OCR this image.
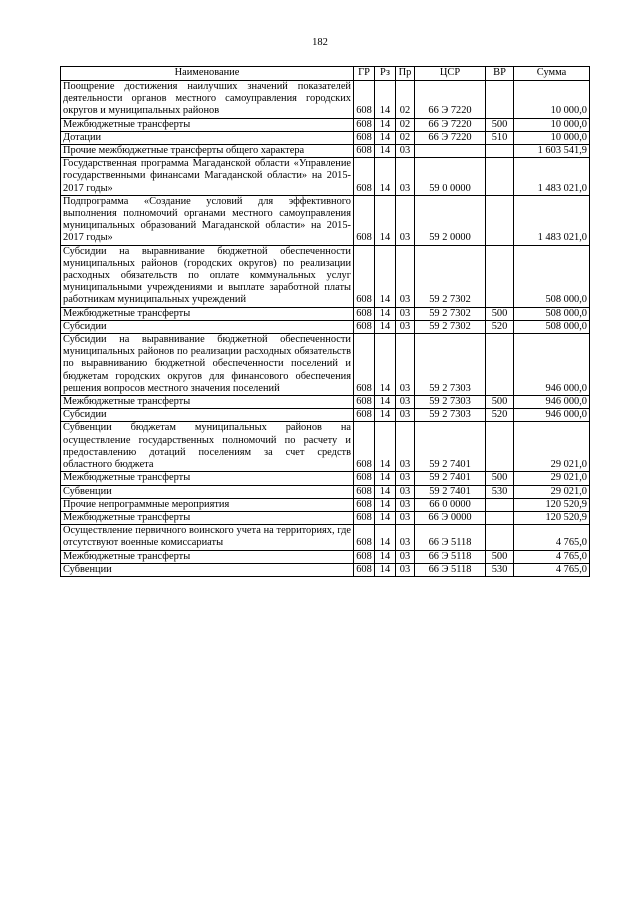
182
Наименование	ГР	Рз	Пр	ЦСР	ВР	Сумма
Поощрение достижения наилучших значений показателей деятельности органов местного самоуправления городских округов и муниципальных районов	608	14	02	66 Э 7220		10 000,0
Межбюджетные трансферты	608	14	02	66 Э 7220	500	10 000,0
Дотации	608	14	02	66 Э 7220	510	10 000,0
Прочие межбюджетные трансферты общего характера	608	14	03			1 603 541,9
Государственная программа Магаданской области «Управление государственными финансами Магаданской области» на 2015-2017 годы»	608	14	03	59 0 0000		1 483 021,0
Подпрограмма «Создание условий для эффективного выполнения полномочий органами местного самоуправления муниципальных образований Магаданской области» на 2015-2017 годы»	608	14	03	59 2 0000		1 483 021,0
Субсидии на выравнивание бюджетной обеспеченности муниципальных районов (городских округов) по реализации расходных обязательств по оплате коммунальных услуг муниципальными учреждениями и выплате заработной платы работникам муниципальных учреждений	608	14	03	59 2 7302		508 000,0
Межбюджетные трансферты	608	14	03	59 2 7302	500	508 000,0
Субсидии	608	14	03	59 2 7302	520	508 000,0
Субсидии на выравнивание бюджетной обеспеченности муниципальных районов по реализации расходных обязательств по выравниванию бюджетной обеспеченности поселений и бюджетам городских округов для финансового обеспечения решения вопросов местного значения поселений	608	14	03	59 2 7303		946 000,0
Межбюджетные трансферты	608	14	03	59 2 7303	500	946 000,0
Субсидии	608	14	03	59 2 7303	520	946 000,0
Субвенции бюджетам муниципальных районов на осуществление государственных полномочий по расчету и предоставлению дотаций поселениям за счет средств областного бюджета	608	14	03	59 2 7401		29 021,0
Межбюджетные трансферты	608	14	03	59 2 7401	500	29 021,0
Субвенции	608	14	03	59 2 7401	530	29 021,0
Прочие непрограммные мероприятия	608	14	03	66 0 0000		120 520,9
Межбюджетные трансферты	608	14	03	66 Э 0000		120 520,9
Осуществление первичного воинского учета на территориях, где отсутствуют военные комиссариаты	608	14	03	66 Э 5118		4 765,0
Межбюджетные трансферты	608	14	03	66 Э 5118	500	4 765,0
Субвенции	608	14	03	66 Э 5118	530	4 765,0
